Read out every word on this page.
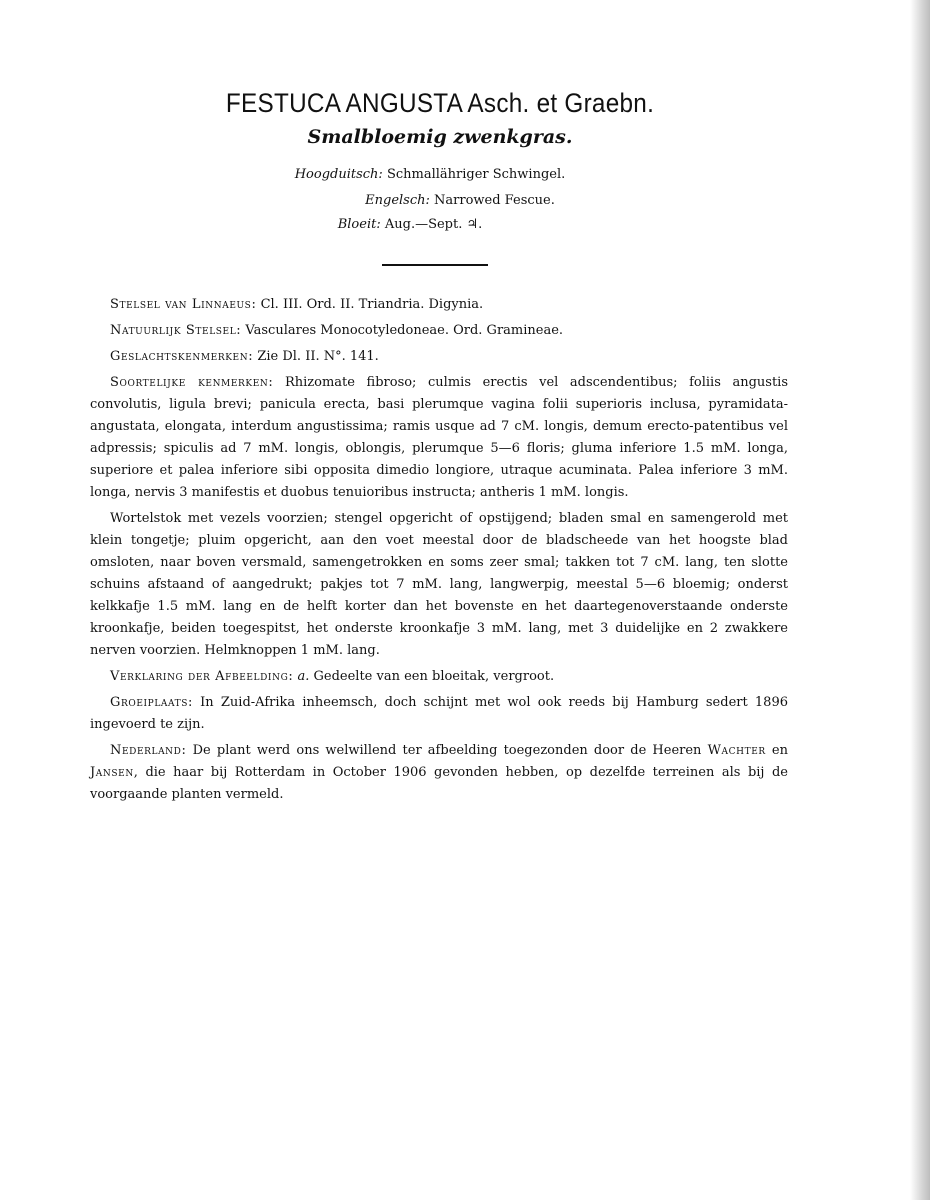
FESTUCA ANGUSTA Asch. et Graebn.
Smalbloemig zwenkgras.
Hoogduitsch: Schmallähriger Schwingel.
Engelsch: Narrowed Fescue.
Bloeit: Aug.—Sept. ♃.

Stelsel van Linnaeus: Cl. III. Ord. II. Triandria. Digynia.

Natuurlijk Stelsel: Vasculares Monocotyledoneae. Ord. Gramineae.

Geslachtskenmerken: Zie Dl. II. N°. 141.

Soortelijke kenmerken: Rhizomate fibroso; culmis erectis vel adscendentibus; foliis angustis convolutis, ligula brevi; panicula erecta, basi plerumque vagina folii superioris inclusa, pyramidata-angustata, elongata, interdum angustissima; ramis usque ad 7 cM. longis, demum erecto-patentibus vel adpressis; spiculis ad 7 mM. longis, oblongis, plerumque 5—6 floris; gluma inferiore 1.5 mM. longa, superiore et palea inferiore sibi opposita dimedio longiore, utraque acuminata. Palea inferiore 3 mM. longa, nervis 3 manifestis et duobus tenuioribus instructa; antheris 1 mM. longis.

Wortelstok met vezels voorzien; stengel opgericht of opstijgend; bladen smal en samengerold met klein tongetje; pluim opgericht, aan den voet meestal door de bladscheede van het hoogste blad omsloten, naar boven versmald, samengetrokken en soms zeer smal; takken tot 7 cM. lang, ten slotte schuins afstaand of aangedrukt; pakjes tot 7 mM. lang, langwerpig, meestal 5—6 bloemig; onderst kelkkafje 1.5 mM. lang en de helft korter dan het bovenste en het daartegenoverstaande onderste kroonkafje, beiden toegespitst, het onderste kroonkafje 3 mM. lang, met 3 duidelijke en 2 zwakkere nerven voorzien. Helmknoppen 1 mM. lang.

Verklaring der Afbeelding: a. Gedeelte van een bloeitak, vergroot.

Groeiplaats: In Zuid-Afrika inheemsch, doch schijnt met wol ook reeds bij Hamburg sedert 1896 ingevoerd te zijn.

Nederland: De plant werd ons welwillend ter afbeelding toegezonden door de Heeren Wachter en Jansen, die haar bij Rotterdam in October 1906 gevonden hebben, op dezelfde terreinen als bij de voorgaande planten vermeld.
